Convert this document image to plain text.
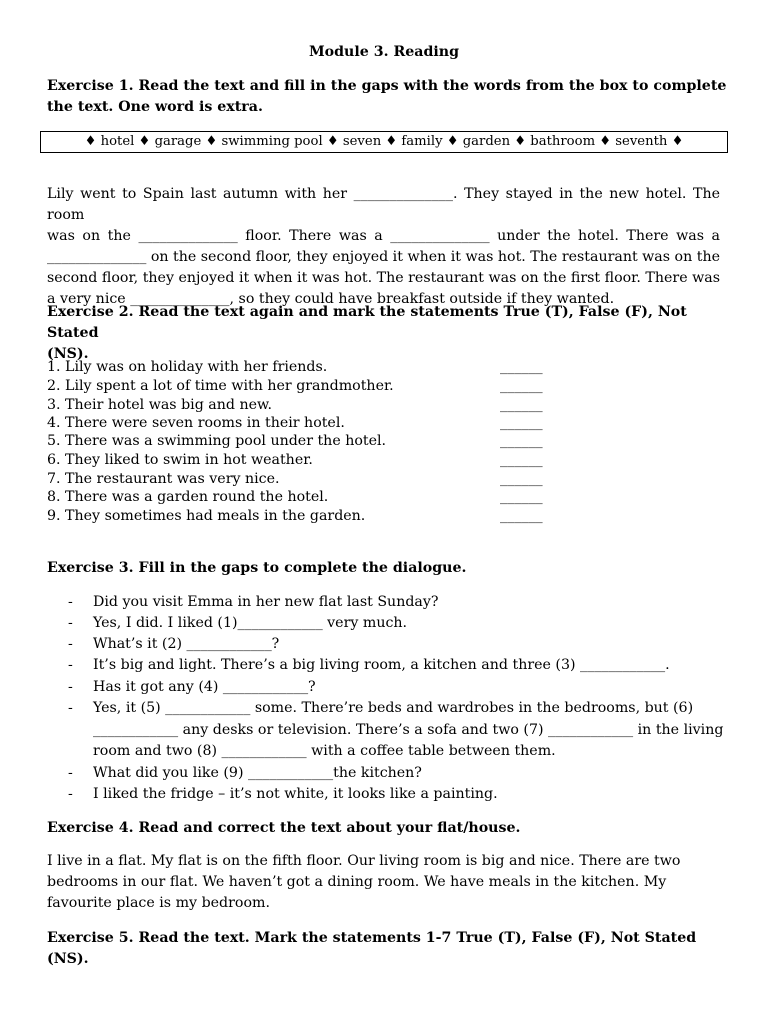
Module 3. Reading
Exercise 1. Read the text and fill in the gaps with the words from the box to complete
the text. One word is extra.
♦ hotel ♦ garage ♦ swimming pool ♦ seven ♦ family ♦ garden ♦ bathroom ♦ seventh ♦
Lily went to Spain last autumn with her ______________. They stayed in the new hotel. The room
was on the ______________ floor. There was a ______________ under the hotel. There was a
______________ on the second floor, they enjoyed it when it was hot. The restaurant was on the
second floor, they enjoyed it when it was hot. The restaurant was on the first floor. There was
a very nice ______________, so they could have breakfast outside if they wanted.
Exercise 2. Read the text again and mark the statements True (T), False (F), Not Stated
(NS).
1. Lily was on holiday with her friends.	______
2. Lily spent a lot of time with her grandmother.	______
3. Their hotel was big and new.	______
4. There were seven rooms in their hotel.	______
5. There was a swimming pool under the hotel.	______
6. They liked to swim in hot weather.	______
7. The restaurant was very nice.	______
8. There was a garden round the hotel.	______
9. They sometimes had meals in the garden.	______
Exercise 3. Fill in the gaps to complete the dialogue.
- Did you visit Emma in her new flat last Sunday?
- Yes, I did. I liked (1)____________ very much.
- What’s it (2) ____________?
- It’s big and light. There’s a big living room, a kitchen and three (3) ____________.
- Has it got any (4) ____________?
- Yes, it (5) ____________ some. There’re beds and wardrobes in the bedrooms, but (6)
____________ any desks or television. There’s a sofa and two (7) ____________ in the living
room and two (8) ____________ with a coffee table between them.
- What did you like (9) ____________the kitchen?
- I liked the fridge – it’s not white, it looks like a painting.
Exercise 4. Read and correct the text about your flat/house.
I live in a flat. My flat is on the fifth floor. Our living room is big and nice. There are two
bedrooms in our flat. We haven’t got a dining room. We have meals in the kitchen. My
favourite place is my bedroom.
Exercise 5. Read the text. Mark the statements 1-7 True (T), False (F), Not Stated (NS).
